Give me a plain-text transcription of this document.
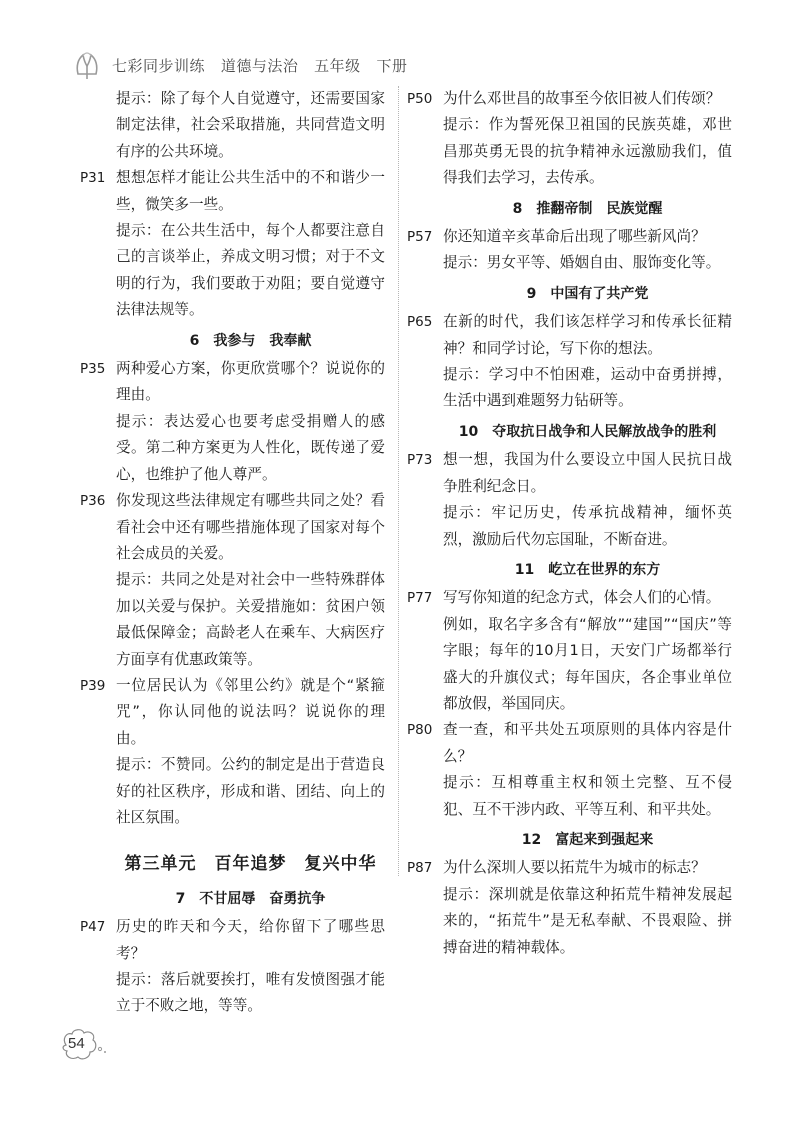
七彩同步训练 道德与法治 五年级 下册
提示：除了每个人自觉遵守，还需要国家制定法律，社会采取措施，共同营造文明有序的公共环境。
P31 想想怎样才能让公共生活中的不和谐少一些，微笑多一些。
提示：在公共生活中，每个人都要注意自己的言谈举止，养成文明习惯；对于不文明的行为，我们要敢于劝阻；要自觉遵守法律法规等。
6　我参与　我奉献
P35 两种爱心方案，你更欣赏哪个？说说你的理由。
提示：表达爱心也要考虑受捐赠人的感受。第二种方案更为人性化，既传递了爱心，也维护了他人尊严。
P36 你发现这些法律规定有哪些共同之处？看看社会中还有哪些措施体现了国家对每个社会成员的关爱。
提示：共同之处是对社会中一些特殊群体加以关爱与保护。关爱措施如：贫困户领最低保障金；高龄老人在乘车、大病医疗方面享有优惠政策等。
P39 一位居民认为《邻里公约》就是个“紧箍咒”，你认同他的说法吗？说说你的理由。
提示：不赞同。公约的制定是出于营造良好的社区秩序，形成和谐、团结、向上的社区氛围。
第三单元　百年追梦　复兴中华
7　不甘屈辱　奋勇抗争
P47 历史的昨天和今天，给你留下了哪些思考？
提示：落后就要挨打，唯有发愤图强才能立于不败之地，等等。
P50 为什么邓世昌的故事至今依旧被人们传颂？
提示：作为誓死保卫祖国的民族英雄，邓世昌那英勇无畏的抗争精神永远激励我们，值得我们去学习，去传承。
8　推翻帝制　民族觉醒
P57 你还知道辛亥革命后出现了哪些新风尚？
提示：男女平等、婚姻自由、服饰变化等。
9　中国有了共产党
P65 在新的时代，我们该怎样学习和传承长征精神？和同学讨论，写下你的想法。
提示：学习中不怕困难，运动中奋勇拼搏，生活中遇到难题努力钻研等。
10　夺取抗日战争和人民解放战争的胜利
P73 想一想，我国为什么要设立中国人民抗日战争胜利纪念日。
提示：牢记历史，传承抗战精神，缅怀英烈，激励后代勿忘国耻，不断奋进。
11　屹立在世界的东方
P77 写写你知道的纪念方式，体会人们的心情。
例如，取名字多含有“解放”“建国”“国庆”等字眼；每年的10月1日，天安门广场都举行盛大的升旗仪式；每年国庆，各企事业单位都放假，举国同庆。
P80 查一查，和平共处五项原则的具体内容是什么？
提示：互相尊重主权和领土完整、互不侵犯、互不干涉内政、平等互利、和平共处。
12　富起来到强起来
P87 为什么深圳人要以拓荒牛为城市的标志？
提示：深圳就是依靠这种拓荒牛精神发展起来的，“拓荒牛”是无私奉献、不畏艰险、拼搏奋进的精神载体。
54
